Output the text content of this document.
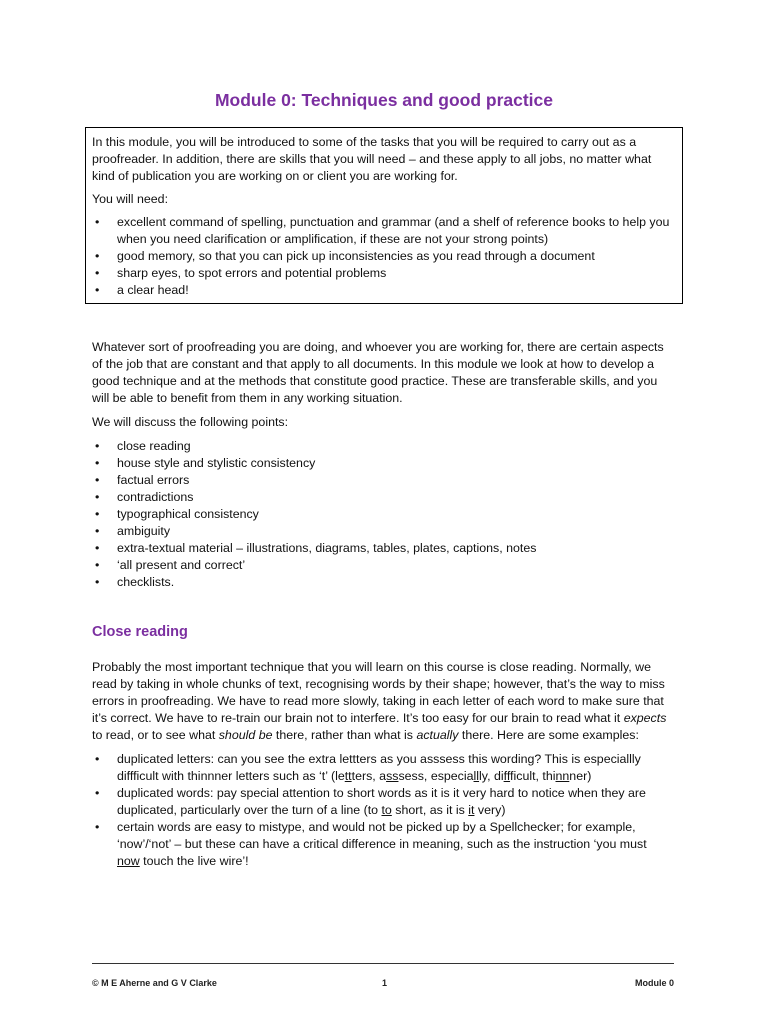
Module 0: Techniques and good practice

In this module, you will be introduced to some of the tasks that you will be required to carry out as a proofreader. In addition, there are skills that you will need – and these apply to all jobs, no matter what kind of publication you are working on or client you are working for.

You will need:

• excellent command of spelling, punctuation and grammar (and a shelf of reference books to help you when you need clarification or amplification, if these are not your strong points)
• good memory, so that you can pick up inconsistencies as you read through a document
• sharp eyes, to spot errors and potential problems
• a clear head!

Whatever sort of proofreading you are doing, and whoever you are working for, there are certain aspects of the job that are constant and that apply to all documents. In this module we look at how to develop a good technique and at the methods that constitute good practice. These are transferable skills, and you will be able to benefit from them in any working situation.

We will discuss the following points:

• close reading
• house style and stylistic consistency
• factual errors
• contradictions
• typographical consistency
• ambiguity
• extra-textual material – illustrations, diagrams, tables, plates, captions, notes
• ‘all present and correct’
• checklists.
Close reading

Probably the most important technique that you will learn on this course is close reading. Normally, we read by taking in whole chunks of text, recognising words by their shape; however, that’s the way to miss errors in proofreading. We have to read more slowly, taking in each letter of each word to make sure that it’s correct. We have to re-train our brain not to interfere. It’s too easy for our brain to read what it expects to read, or to see what should be there, rather than what is actually there. Here are some examples:

• duplicated letters: can you see the extra lettters as you asssess this wording? This is especiallly diffficult with thinnner letters such as ‘t’ (lettters, asssess, especiallly, diffficult, thinnner)
• duplicated words: pay special attention to short words as it is it very hard to notice when they are duplicated, particularly over the turn of a line (to to short, as it is it very)
• certain words are easy to mistype, and would not be picked up by a Spellchecker; for example, ‘now’/‘not’ – but these can have a critical difference in meaning, such as the instruction ‘you must now touch the live wire’!
© M E Aherne and G V Clarke	1	Module 0
